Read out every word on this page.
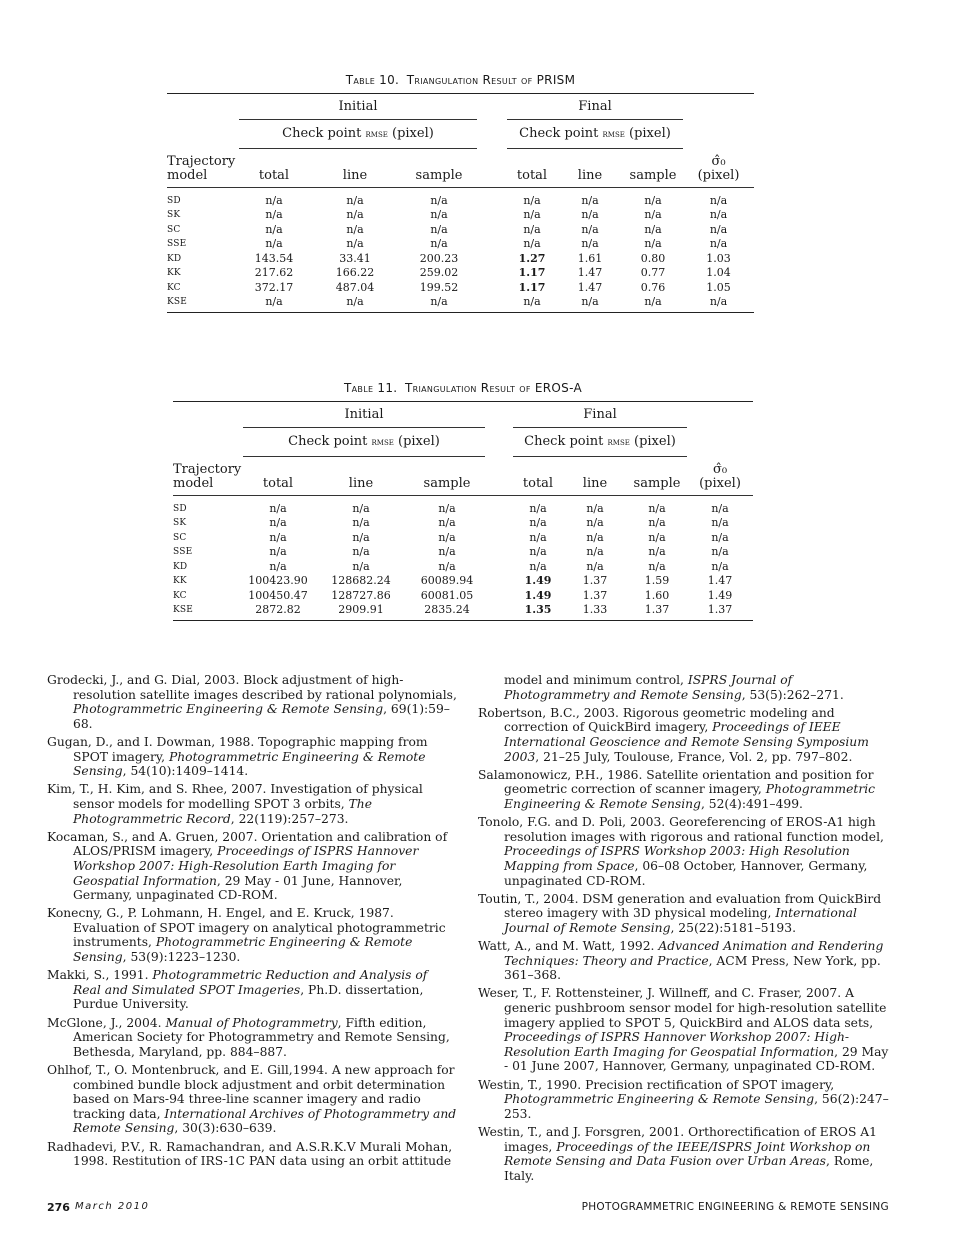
Table 10. Triangulation Result of PRISM

	Initial				Final			
	Check point rmse (pixel)				Check point rmse (pixel)			
Trajectory
model	total	line	sample		total	line	sample	σ̂₀
(pixel)
SD	n/a	n/a	n/a		n/a	n/a	n/a	n/a
SK	n/a	n/a	n/a		n/a	n/a	n/a	n/a
SC	n/a	n/a	n/a		n/a	n/a	n/a	n/a
SSE	n/a	n/a	n/a		n/a	n/a	n/a	n/a
KD	143.54	33.41	200.23		1.27	1.61	0.80	1.03
KK	217.62	166.22	259.02		1.17	1.47	0.77	1.04
KC	372.17	487.04	199.52		1.17	1.47	0.76	1.05
KSE	n/a	n/a	n/a		n/a	n/a	n/a	n/a
Table 11. Triangulation Result of EROS-A

	Initial				Final			
	Check point rmse (pixel)				Check point rmse (pixel)			
Trajectory
model	total	line	sample		total	line	sample	σ̂₀
(pixel)
SD	n/a	n/a	n/a		n/a	n/a	n/a	n/a
SK	n/a	n/a	n/a		n/a	n/a	n/a	n/a
SC	n/a	n/a	n/a		n/a	n/a	n/a	n/a
SSE	n/a	n/a	n/a		n/a	n/a	n/a	n/a
KD	n/a	n/a	n/a		n/a	n/a	n/a	n/a
KK	100423.90	128682.24	60089.94		1.49	1.37	1.59	1.47
KC	100450.47	128727.86	60081.05		1.49	1.37	1.60	1.49
KSE	2872.82	2909.91	2835.24		1.35	1.33	1.37	1.37
Grodecki, J., and G. Dial, 2003. Block adjustment of high-resolution satellite images described by rational polynomials, Photogrammetric Engineering & Remote Sensing, 69(1):59–68.
Gugan, D., and I. Dowman, 1988. Topographic mapping from SPOT imagery, Photogrammetric Engineering & Remote Sensing, 54(10):1409–1414.
Kim, T., H. Kim, and S. Rhee, 2007. Investigation of physical sensor models for modelling SPOT 3 orbits, The Photogrammetric Record, 22(119):257–273.
Kocaman, S., and A. Gruen, 2007. Orientation and calibration of ALOS/PRISM imagery, Proceedings of ISPRS Hannover Workshop 2007: High-Resolution Earth Imaging for Geospatial Information, 29 May - 01 June, Hannover, Germany, unpaginated CD-ROM.
Konecny, G., P. Lohmann, H. Engel, and E. Kruck, 1987. Evaluation of SPOT imagery on analytical photogrammetric instruments, Photogrammetric Engineering & Remote Sensing, 53(9):1223–1230.
Makki, S., 1991. Photogrammetric Reduction and Analysis of Real and Simulated SPOT Imageries, Ph.D. dissertation, Purdue University.
McGlone, J., 2004. Manual of Photogrammetry, Fifth edition, American Society for Photogrammetry and Remote Sensing, Bethesda, Maryland, pp. 884–887.
Ohlhof, T., O. Montenbruck, and E. Gill,1994. A new approach for combined bundle block adjustment and orbit determination based on Mars-94 three-line scanner imagery and radio tracking data, International Archives of Photogrammetry and Remote Sensing, 30(3):630–639.
Radhadevi, P.V., R. Ramachandran, and A.S.R.K.V Murali Mohan, 1998. Restitution of IRS-1C PAN data using an orbit attitude
model and minimum control, ISPRS Journal of Photogrammetry and Remote Sensing, 53(5):262–271.
Robertson, B.C., 2003. Rigorous geometric modeling and correction of QuickBird imagery, Proceedings of IEEE International Geoscience and Remote Sensing Symposium 2003, 21–25 July, Toulouse, France, Vol. 2, pp. 797–802.
Salamonowicz, P.H., 1986. Satellite orientation and position for geometric correction of scanner imagery, Photogrammetric Engineering & Remote Sensing, 52(4):491–499.
Tonolo, F.G. and D. Poli, 2003. Georeferencing of EROS-A1 high resolution images with rigorous and rational function model, Proceedings of ISPRS Workshop 2003: High Resolution Mapping from Space, 06–08 October, Hannover, Germany, unpaginated CD-ROM.
Toutin, T., 2004. DSM generation and evaluation from QuickBird stereo imagery with 3D physical modeling, International Journal of Remote Sensing, 25(22):5181–5193.
Watt, A., and M. Watt, 1992. Advanced Animation and Rendering Techniques: Theory and Practice, ACM Press, New York, pp. 361–368.
Weser, T., F. Rottensteiner, J. Willneff, and C. Fraser, 2007. A generic pushbroom sensor model for high-resolution satellite imagery applied to SPOT 5, QuickBird and ALOS data sets, Proceedings of ISPRS Hannover Workshop 2007: High-Resolution Earth Imaging for Geospatial Information, 29 May - 01 June 2007, Hannover, Germany, unpaginated CD-ROM.
Westin, T., 1990. Precision rectification of SPOT imagery, Photogrammetric Engineering & Remote Sensing, 56(2):247–253.
Westin, T., and J. Forsgren, 2001. Orthorectification of EROS A1 images, Proceedings of the IEEE/ISPRS Joint Workshop on Remote Sensing and Data Fusion over Urban Areas, Rome, Italy.
276 March 2010	PHOTOGRAMMETRIC ENGINEERING & REMOTE SENSING
